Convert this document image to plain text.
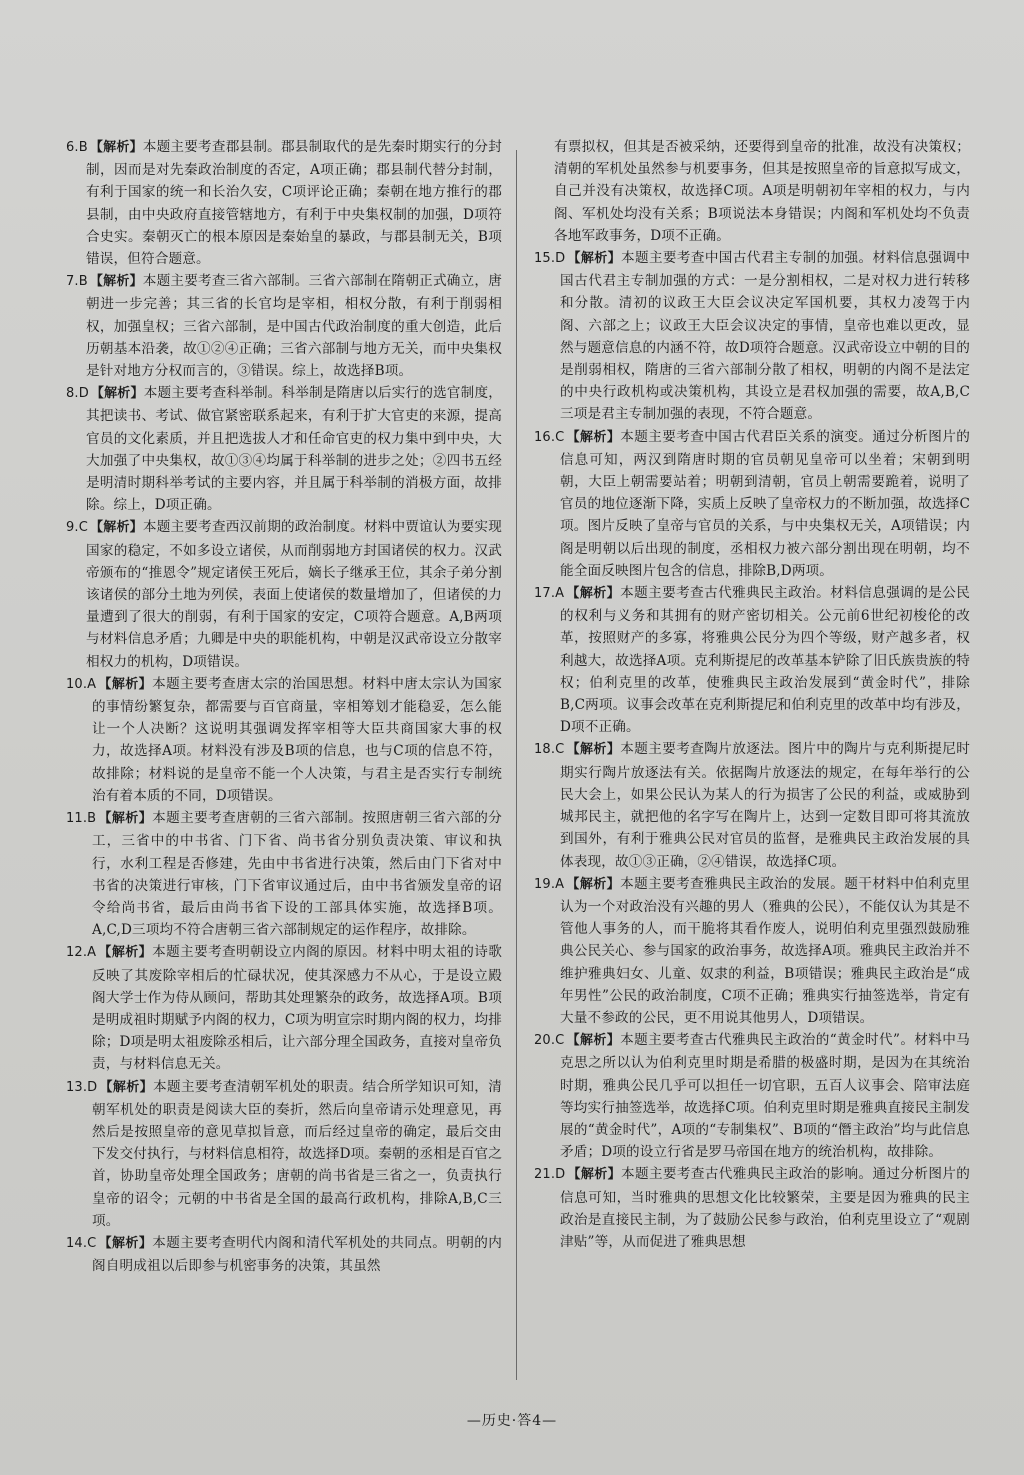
6.B 【解析】本题主要考查郡县制。郡县制取代的是先秦时期实行的分封制，因而是对先秦政治制度的否定，A项正确；郡县制代替分封制，有利于国家的统一和长治久安，C项评论正确；秦朝在地方推行的郡县制，由中央政府直接管辖地方，有利于中央集权制的加强，D项符合史实。秦朝灭亡的根本原因是秦始皇的暴政，与郡县制无关，B项错误，但符合题意。

7.B 【解析】本题主要考查三省六部制。三省六部制在隋朝正式确立，唐朝进一步完善；其三省的长官均是宰相，相权分散，有利于削弱相权，加强皇权；三省六部制，是中国古代政治制度的重大创造，此后历朝基本沿袭，故①②④正确；三省六部制与地方无关，而中央集权是针对地方分权而言的，③错误。综上，故选择B项。

8.D 【解析】本题主要考查科举制。科举制是隋唐以后实行的选官制度，其把读书、考试、做官紧密联系起来，有利于扩大官吏的来源，提高官员的文化素质，并且把选拔人才和任命官吏的权力集中到中央，大大加强了中央集权，故①③④均属于科举制的进步之处；②四书五经是明清时期科举考试的主要内容，并且属于科举制的消极方面，故排除。综上，D项正确。

9.C 【解析】本题主要考查西汉前期的政治制度。材料中贾谊认为要实现国家的稳定，不如多设立诸侯，从而削弱地方封国诸侯的权力。汉武帝颁布的“推恩令”规定诸侯王死后，嫡长子继承王位，其余子弟分割该诸侯的部分土地为列侯，表面上使诸侯的数量增加了，但诸侯的力量遭到了很大的削弱，有利于国家的安定，C项符合题意。A,B两项与材料信息矛盾；九卿是中央的职能机构，中朝是汉武帝设立分散宰相权力的机构，D项错误。

10.A 【解析】本题主要考查唐太宗的治国思想。材料中唐太宗认为国家的事情纷繁复杂，都需要与百官商量，宰相筹划才能稳妥，怎么能让一个人决断？这说明其强调发挥宰相等大臣共商国家大事的权力，故选择A项。材料没有涉及B项的信息，也与C项的信息不符，故排除；材料说的是皇帝不能一个人决策，与君主是否实行专制统治有着本质的不同，D项错误。

11.B 【解析】本题主要考查唐朝的三省六部制。按照唐朝三省六部的分工，三省中的中书省、门下省、尚书省分别负责决策、审议和执行，水利工程是否修建，先由中书省进行决策，然后由门下省对中书省的决策进行审核，门下省审议通过后，由中书省颁发皇帝的诏令给尚书省，最后由尚书省下设的工部具体实施，故选择B项。A,C,D三项均不符合唐朝三省六部制规定的运作程序，故排除。

12.A 【解析】本题主要考查明朝设立内阁的原因。材料中明太祖的诗歌反映了其废除宰相后的忙碌状况，使其深感力不从心，于是设立殿阁大学士作为侍从顾问，帮助其处理繁杂的政务，故选择A项。B项是明成祖时期赋予内阁的权力，C项为明宣宗时期内阁的权力，均排除；D项是明太祖废除丞相后，让六部分理全国政务，直接对皇帝负责，与材料信息无关。

13.D 【解析】本题主要考查清朝军机处的职责。结合所学知识可知，清朝军机处的职责是阅读大臣的奏折，然后向皇帝请示处理意见，再然后是按照皇帝的意见草拟旨意，而后经过皇帝的确定，最后交由下发交付执行，与材料信息相符，故选择D项。秦朝的丞相是百官之首，协助皇帝处理全国政务；唐朝的尚书省是三省之一，负责执行皇帝的诏令；元朝的中书省是全国的最高行政机构，排除A,B,C三项。

14.C 【解析】本题主要考查明代内阁和清代军机处的共同点。明朝的内阁自明成祖以后即参与机密事务的决策，其虽然

有票拟权，但其是否被采纳，还要得到皇帝的批准，故没有决策权；清朝的军机处虽然参与机要事务，但其是按照皇帝的旨意拟写成文，自己并没有决策权，故选择C项。A项是明朝初年宰相的权力，与内阁、军机处均没有关系；B项说法本身错误；内阁和军机处均不负责各地军政事务，D项不正确。

15.D 【解析】本题主要考查中国古代君主专制的加强。材料信息强调中国古代君主专制加强的方式：一是分割相权，二是对权力进行转移和分散。清初的议政王大臣会议决定军国机要，其权力凌驾于内阁、六部之上；议政王大臣会议决定的事情，皇帝也难以更改，显然与题意信息的内涵不符，故D项符合题意。汉武帝设立中朝的目的是削弱相权，隋唐的三省六部制分散了相权，明朝的内阁不是法定的中央行政机构或决策机构，其设立是君权加强的需要，故A,B,C三项是君主专制加强的表现，不符合题意。

16.C 【解析】本题主要考查中国古代君臣关系的演变。通过分析图片的信息可知，两汉到隋唐时期的官员朝见皇帝可以坐着；宋朝到明朝，大臣上朝需要站着；明朝到清朝，官员上朝需要跪着，说明了官员的地位逐渐下降，实质上反映了皇帝权力的不断加强，故选择C项。图片反映了皇帝与官员的关系，与中央集权无关，A项错误；内阁是明朝以后出现的制度，丞相权力被六部分割出现在明朝，均不能全面反映图片包含的信息，排除B,D两项。

17.A 【解析】本题主要考查古代雅典民主政治。材料信息强调的是公民的权利与义务和其拥有的财产密切相关。公元前6世纪初梭伦的改革，按照财产的多寡，将雅典公民分为四个等级，财产越多者，权利越大，故选择A项。克利斯提尼的改革基本铲除了旧氏族贵族的特权；伯利克里的改革，使雅典民主政治发展到“黄金时代”，排除B,C两项。议事会改革在克利斯提尼和伯利克里的改革中均有涉及，D项不正确。

18.C 【解析】本题主要考查陶片放逐法。图片中的陶片与克利斯提尼时期实行陶片放逐法有关。依据陶片放逐法的规定，在每年举行的公民大会上，如果公民认为某人的行为损害了公民的利益，或威胁到城邦民主，就把他的名字写在陶片上，达到一定数目即可将其流放到国外，有利于雅典公民对官员的监督，是雅典民主政治发展的具体表现，故①③正确，②④错误，故选择C项。

19.A 【解析】本题主要考查雅典民主政治的发展。题干材料中伯利克里认为一个对政治没有兴趣的男人（雅典的公民），不能仅认为其是不管他人事务的人，而干脆将其看作废人，说明伯利克里强烈鼓励雅典公民关心、参与国家的政治事务，故选择A项。雅典民主政治并不维护雅典妇女、儿童、奴隶的利益，B项错误；雅典民主政治是“成年男性”公民的政治制度，C项不正确；雅典实行抽签选举，肯定有大量不参政的公民，更不用说其他男人，D项错误。

20.C 【解析】本题主要考查古代雅典民主政治的“黄金时代”。材料中马克思之所以认为伯利克里时期是希腊的极盛时期，是因为在其统治时期，雅典公民几乎可以担任一切官职，五百人议事会、陪审法庭等均实行抽签选举，故选择C项。伯利克里时期是雅典直接民主制发展的“黄金时代”，A项的“专制集权”、B项的“僭主政治”均与此信息矛盾；D项的设立行省是罗马帝国在地方的统治机构，故排除。

21.D 【解析】本题主要考查古代雅典民主政治的影响。通过分析图片的信息可知，当时雅典的思想文化比较繁荣，主要是因为雅典的民主政治是直接民主制，为了鼓励公民参与政治，伯利克里设立了“观剧津贴”等，从而促进了雅典思想

—历史·答4—
